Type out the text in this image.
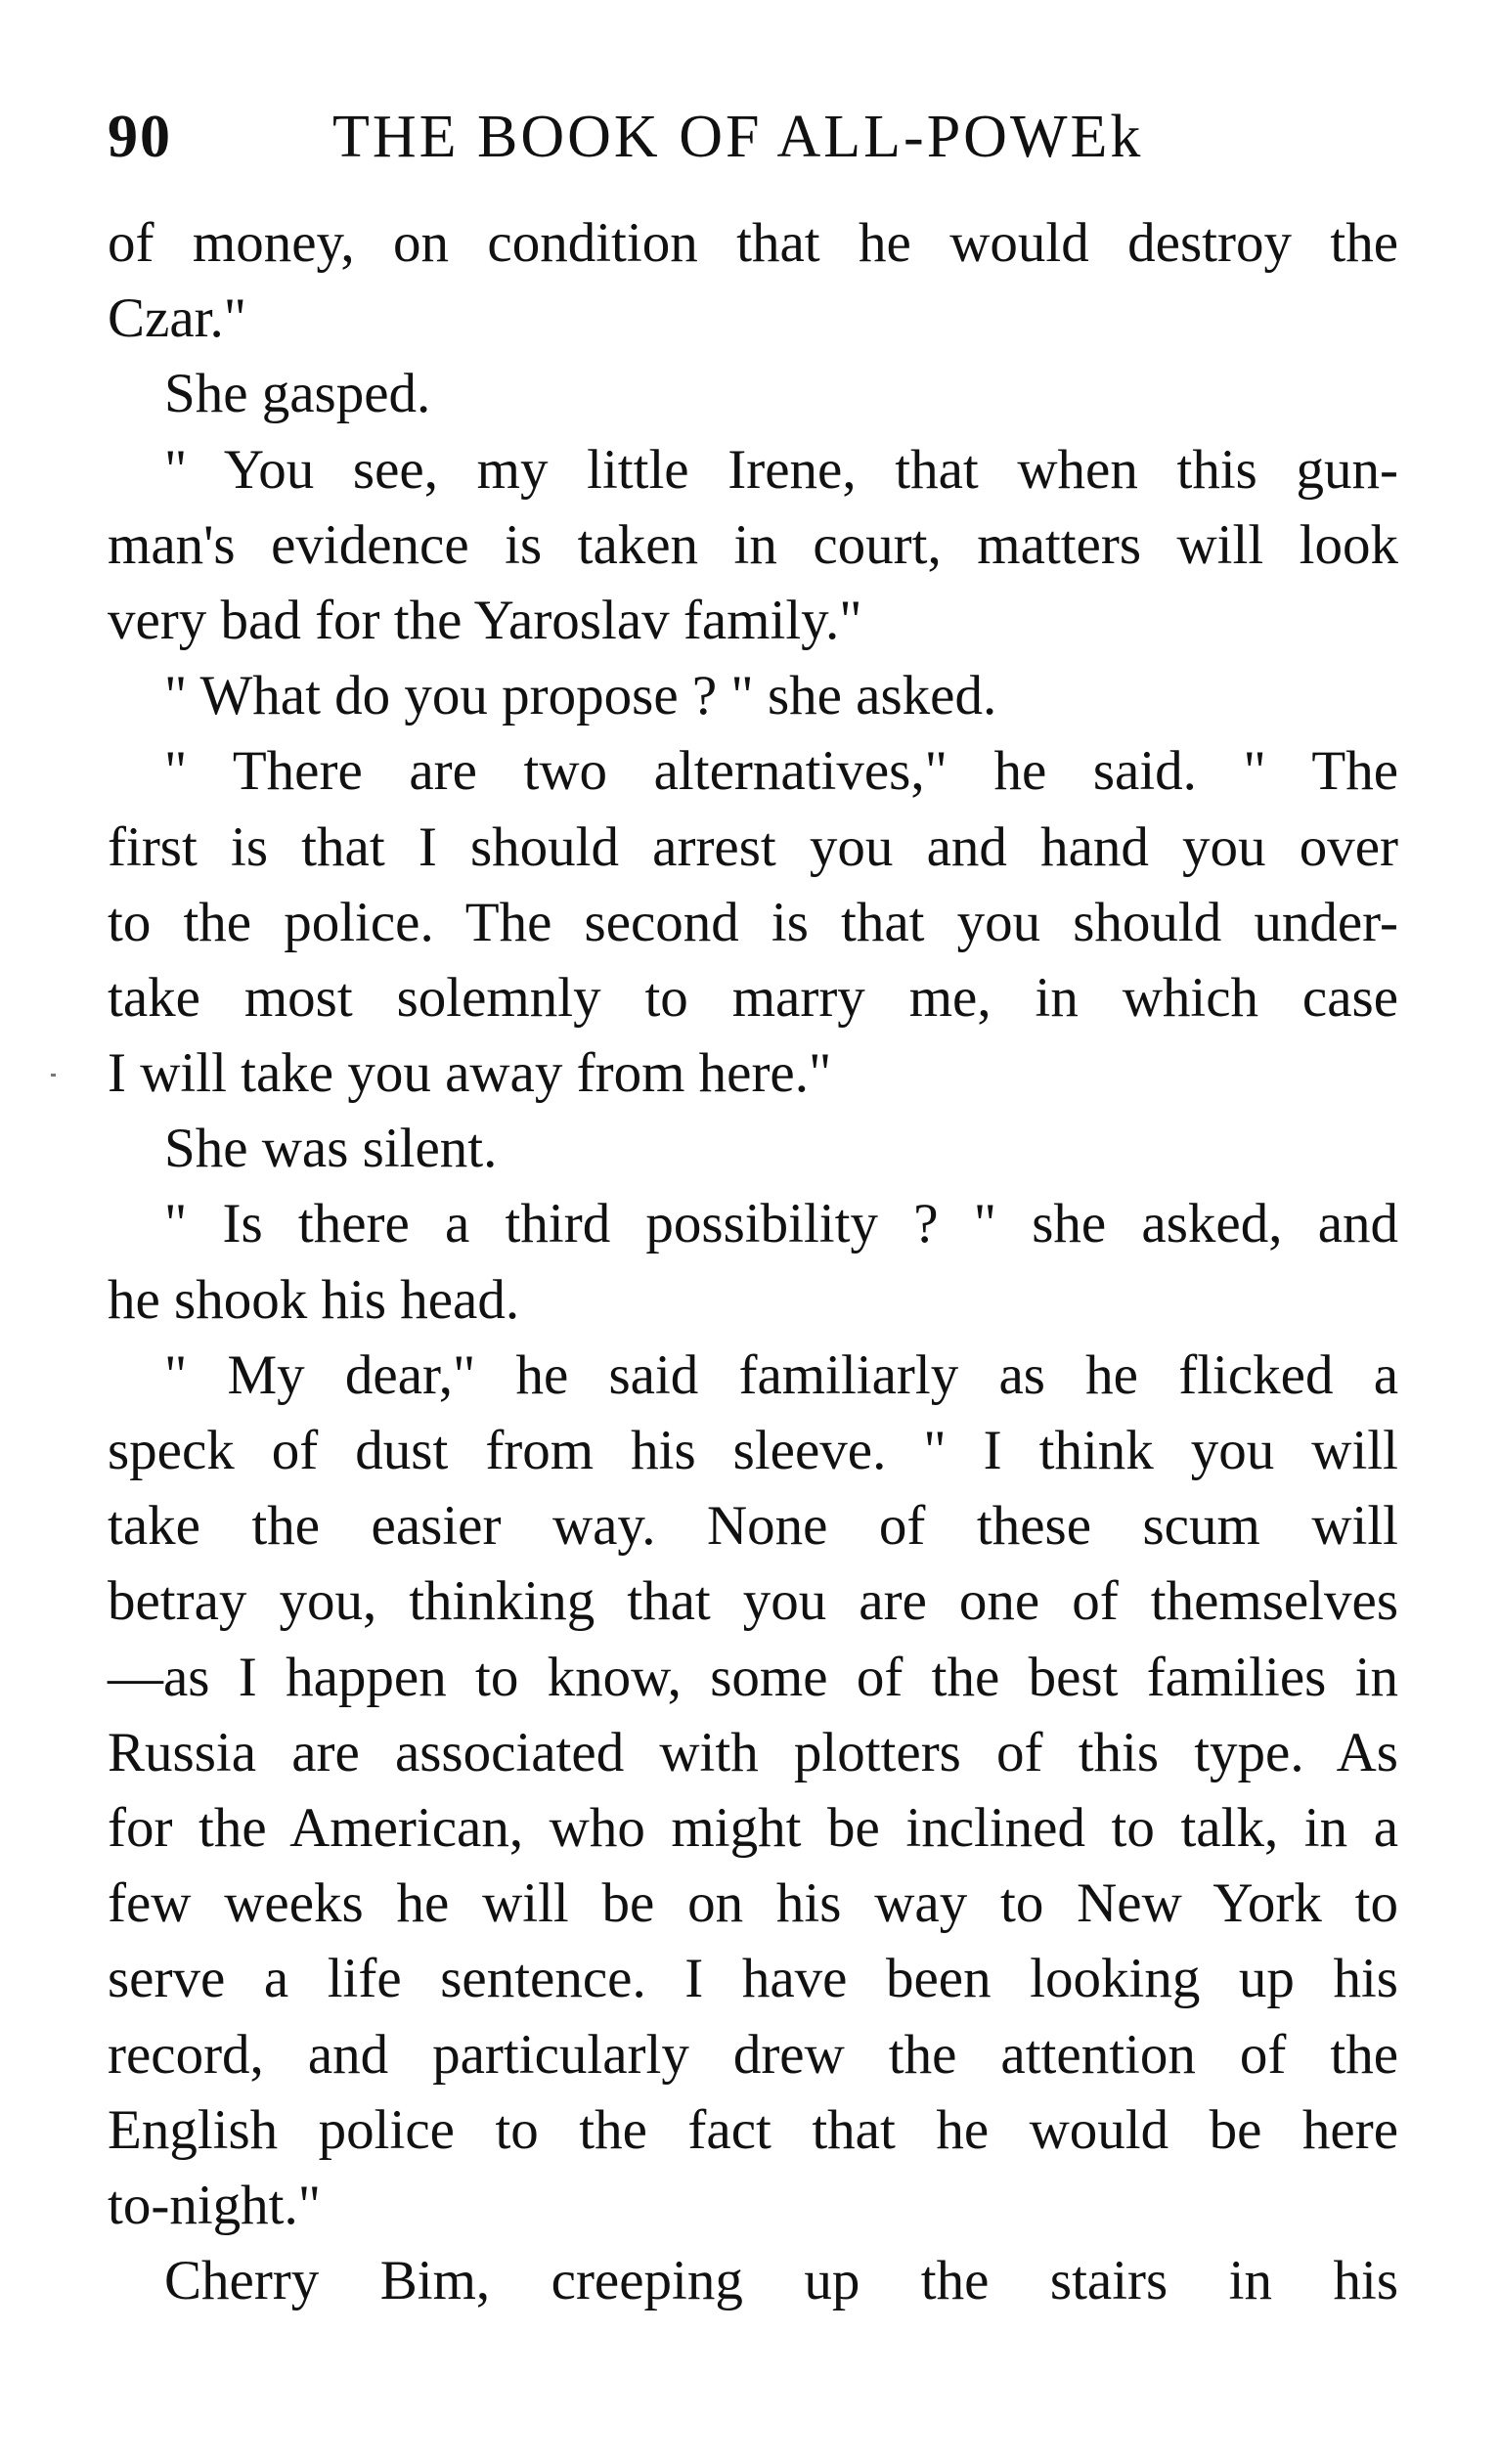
90	THE BOOK OF ALL-POWEk
of money, on condition that he would destroy the
Czar."
She gasped.
" You see, my little Irene, that when this gun-
man's evidence is taken in court, matters will look
very bad for the Yaroslav family."
" What do you propose ? " she asked.
" There are two alternatives," he said. " The
first is that I should arrest you and hand you over
to the police. The second is that you should under-
take most solemnly to marry me, in which case
I will take you away from here."
She was silent.
" Is there a third possibility ? " she asked, and
he shook his head.
" My dear," he said familiarly as he flicked a
speck of dust from his sleeve. " I think you will
take the easier way. None of these scum will
betray you, thinking that you are one of themselves
—as I happen to know, some of the best families in
Russia are associated with plotters of this type. As
for the American, who might be inclined to talk, in a
few weeks he will be on his way to New York to
serve a life sentence. I have been looking up his
record, and particularly drew the attention of the
English police to the fact that he would be here
to-night."
Cherry Bim, creeping up the stairs in his
